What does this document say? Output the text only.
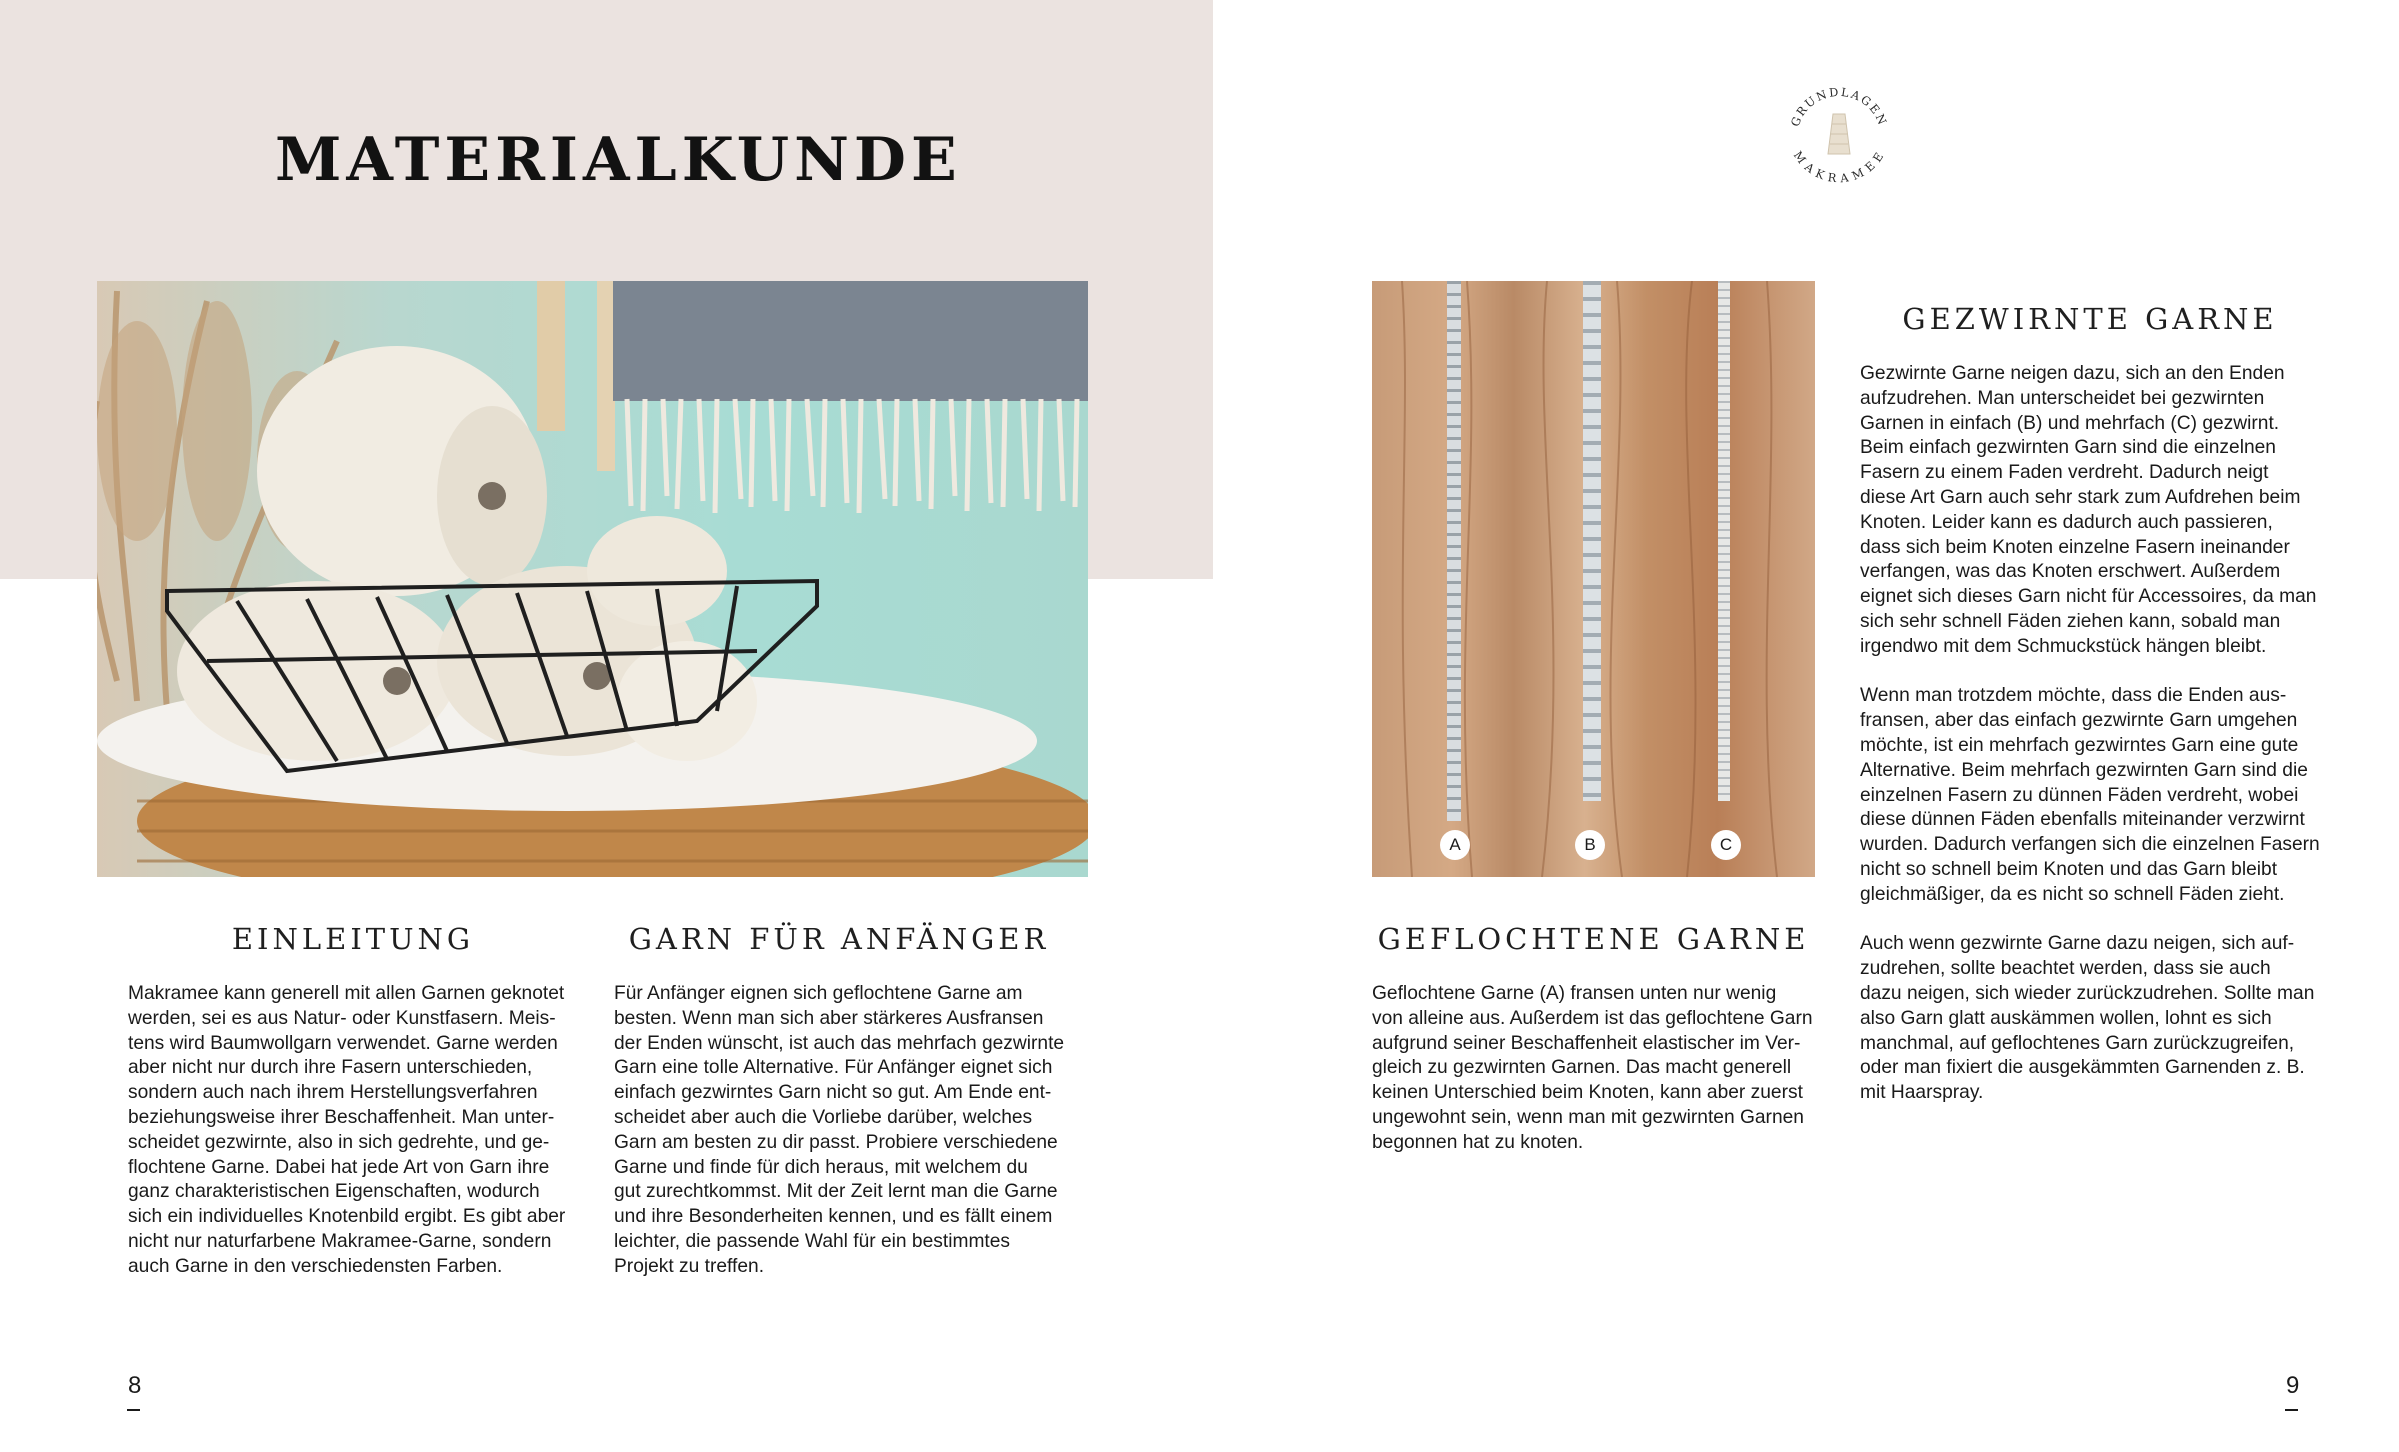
MATERIALKUNDE
GRUNDLAGEN
MAKRAMEE
A	B	C
EINLEITUNG

Makramee kann generell mit allen Garnen geknotet
werden, sei es aus Natur- oder Kunstfasern. Meis-
tens wird Baumwollgarn verwendet. Garne werden
aber nicht nur durch ihre Fasern unterschieden,
sondern auch nach ihrem Herstellungsverfahren
beziehungsweise ihrer Beschaffenheit. Man unter-
scheidet gezwirnte, also in sich gedrehte, und ge-
flochtene Garne. Dabei hat jede Art von Garn ihre
ganz charakteristischen Eigenschaften, wodurch
sich ein individuelles Knotenbild ergibt. Es gibt aber
nicht nur naturfarbene Makramee-Garne, sondern
auch Garne in den verschiedensten Farben.

GARN FÜR ANFÄNGER

Für Anfänger eignen sich geflochtene Garne am
besten. Wenn man sich aber stärkeres Ausfransen
der Enden wünscht, ist auch das mehrfach gezwirnte
Garn eine tolle Alternative. Für Anfänger eignet sich
einfach gezwirntes Garn nicht so gut. Am Ende ent-
scheidet aber auch die Vorliebe darüber, welches
Garn am besten zu dir passt. Probiere verschiedene
Garne und finde für dich heraus, mit welchem du
gut zurechtkommst. Mit der Zeit lernt man die Garne
und ihre Besonderheiten kennen, und es fällt einem
leichter, die passende Wahl für ein bestimmtes
Projekt zu treffen.

GEFLOCHTENE GARNE

Geflochtene Garne (A) fransen unten nur wenig
von alleine aus. Außerdem ist das geflochtene Garn
aufgrund seiner Beschaffenheit elastischer im Ver-
gleich zu gezwirnten Garnen. Das macht generell
keinen Unterschied beim Knoten, kann aber zuerst
ungewohnt sein, wenn man mit gezwirnten Garnen
begonnen hat zu knoten.

GEZWIRNTE GARNE

Gezwirnte Garne neigen dazu, sich an den Enden
aufzudrehen. Man unterscheidet bei gezwirnten
Garnen in einfach (B) und mehrfach (C) gezwirnt.
Beim einfach gezwirnten Garn sind die einzelnen
Fasern zu einem Faden verdreht. Dadurch neigt
diese Art Garn auch sehr stark zum Aufdrehen beim
Knoten. Leider kann es dadurch auch passieren,
dass sich beim Knoten einzelne Fasern ineinander
verfangen, was das Knoten erschwert. Außerdem
eignet sich dieses Garn nicht für Accessoires, da man
sich sehr schnell Fäden ziehen kann, sobald man
irgendwo mit dem Schmuckstück hängen bleibt.

Wenn man trotzdem möchte, dass die Enden aus-
fransen, aber das einfach gezwirnte Garn umgehen
möchte, ist ein mehrfach gezwirntes Garn eine gute
Alternative. Beim mehrfach gezwirnten Garn sind die
einzelnen Fasern zu dünnen Fäden verdreht, wobei
diese dünnen Fäden ebenfalls miteinander verzwirnt
wurden. Dadurch verfangen sich die einzelnen Fasern
nicht so schnell beim Knoten und das Garn bleibt
gleichmäßiger, da es nicht so schnell Fäden zieht.

Auch wenn gezwirnte Garne dazu neigen, sich auf-
zudrehen, sollte beachtet werden, dass sie auch
dazu neigen, sich wieder zurückzudrehen. Sollte man
also Garn glatt auskämmen wollen, lohnt es sich
manchmal, auf geflochtenes Garn zurückzugreifen,
oder man fixiert die ausgekämmten Garnenden z. B.
mit Haarspray.

8	9
